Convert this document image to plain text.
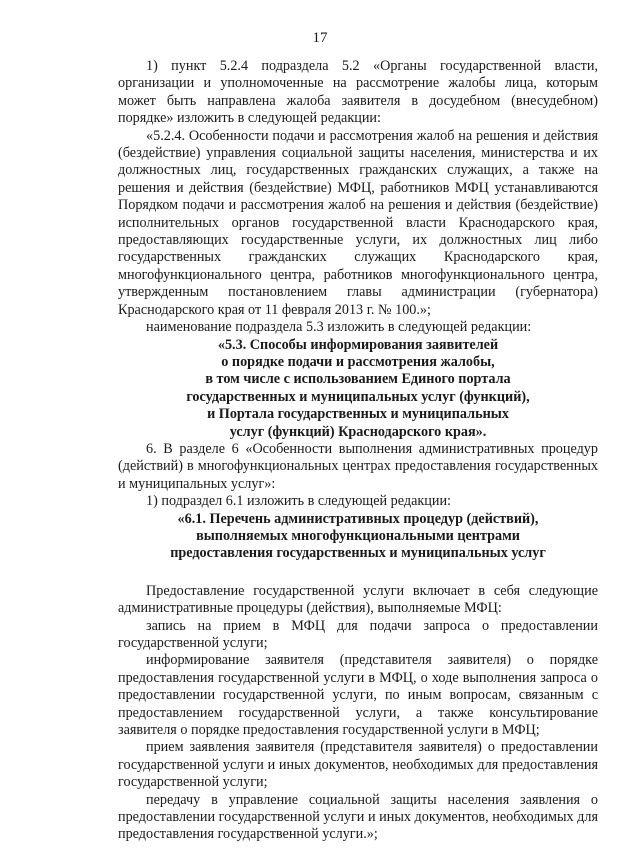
17

1) пункт 5.2.4 подраздела 5.2 «Органы государственной власти, организации и уполномоченные на рассмотрение жалобы лица, которым может быть направлена жалоба заявителя в досудебном (внесудебном) порядке» изложить в следующей редакции:

«5.2.4. Особенности подачи и рассмотрения жалоб на решения и действия (бездействие) управления социальной защиты населения, министерства и их должностных лиц, государственных гражданских служащих, а также на решения и действия (бездействие) МФЦ, работников МФЦ устанавливаются Порядком подачи и рассмотрения жалоб на решения и действия (бездействие) исполнительных органов государственной власти Краснодарского края, предоставляющих государственные услуги, их должностных лиц либо государственных гражданских служащих Краснодарского края, многофункционального центра, работников многофункционального центра, утвержденным постановлением главы администрации (губернатора) Краснодарского края от 11 февраля 2013 г. № 100.»;

наименование подраздела 5.3 изложить в следующей редакции:

«5.3. Способы информирования заявителей
о порядке подачи и рассмотрения жалобы,
в том числе с использованием Единого портала
государственных и муниципальных услуг (функций),
и Портала государственных и муниципальных
услуг (функций) Краснодарского края».

6. В разделе 6 «Особенности выполнения административных процедур (действий) в многофункциональных центрах предоставления государственных и муниципальных услуг»:

1) подраздел 6.1 изложить в следующей редакции:

«6.1. Перечень административных процедур (действий),
выполняемых многофункциональными центрами
предоставления государственных и муниципальных услуг

Предоставление государственной услуги включает в себя следующие административные процедуры (действия), выполняемые МФЦ:

запись на прием в МФЦ для подачи запроса о предоставлении государственной услуги;

информирование заявителя (представителя заявителя) о порядке предоставления государственной услуги в МФЦ, о ходе выполнения запроса о предоставлении государственной услуги, по иным вопросам, связанным с предоставлением государственной услуги, а также консультирование заявителя о порядке предоставления государственной услуги в МФЦ;

прием заявления заявителя (представителя заявителя) о предоставлении государственной услуги и иных документов, необходимых для предоставления государственной услуги;

передачу в управление социальной защиты населения заявления о предоставлении государственной услуги и иных документов, необходимых для предоставления государственной услуги.»;
